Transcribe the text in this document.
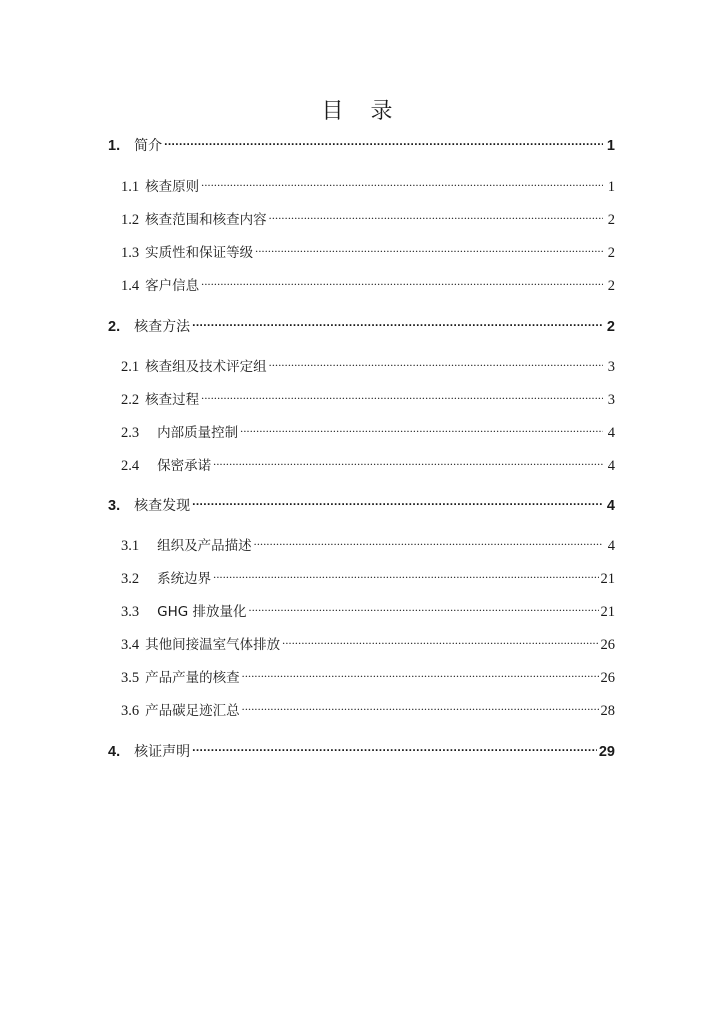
目 录
1. 简介 .....	1
1.1 核查原则 .....	1
1.2 核查范围和核查内容 .....	2
1.3 实质性和保证等级 .....	2
1.4 客户信息 .....	2
2. 核查方法 .....	2
2.1 核查组及技术评定组 .....	3
2.2 核查过程 .....	3
2.3 内部质量控制 .....	4
2.4 保密承诺 .....	4
3. 核查发现 .....	4
3.1 组织及产品描述 .....	4
3.2 系统边界 .....	21
3.3 GHG 排放量化 .....	21
3.4 其他间接温室气体排放 .....	26
3.5 产品产量的核查 .....	26
3.6 产品碳足迹汇总 .....	28
4. 核证声明 .....	29
